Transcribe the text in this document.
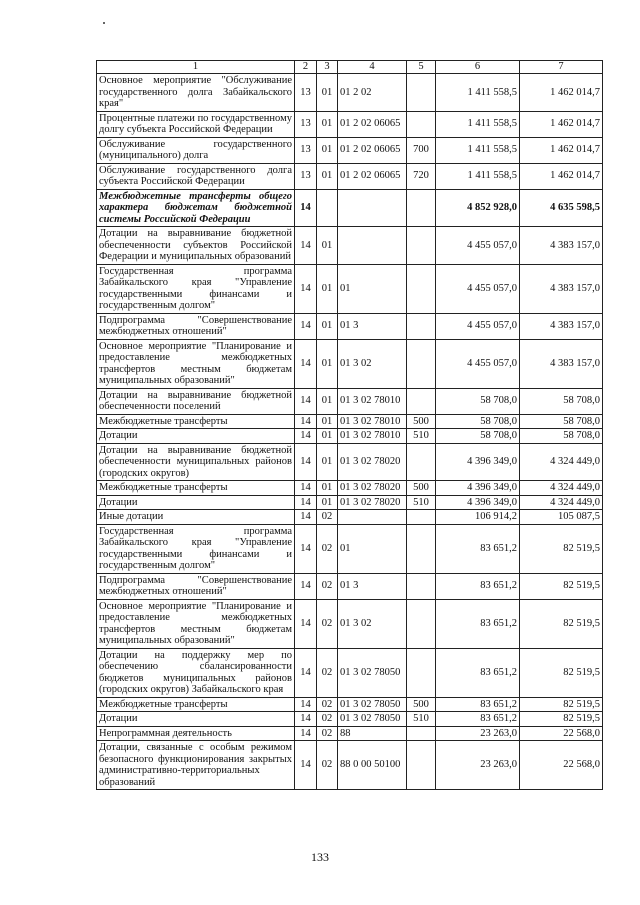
1	2	3	4	5	6	7
Основное мероприятие "Обслуживание государственного долга Забайкальского края"	13	01	01 2 02		1 411 558,5	1 462 014,7
Процентные платежи по государственному долгу субъекта Российской Федерации	13	01	01 2 02 06065		1 411 558,5	1 462 014,7
Обслуживание государственного (муниципального) долга	13	01	01 2 02 06065	700	1 411 558,5	1 462 014,7
Обслуживание государственного долга субъекта Российской Федерации	13	01	01 2 02 06065	720	1 411 558,5	1 462 014,7
Межбюджетные трансферты общего характера бюджетам бюджетной системы Российской Федерации	14				4 852 928,0	4 635 598,5
Дотации на выравнивание бюджетной обеспеченности субъектов Российской Федерации и муниципальных образований	14	01			4 455 057,0	4 383 157,0
Государственная программа Забайкальского края "Управление государственными финансами и государственным долгом"	14	01	01		4 455 057,0	4 383 157,0
Подпрограмма "Совершенствование межбюджетных отношений"	14	01	01 3		4 455 057,0	4 383 157,0
Основное мероприятие "Планирование и предоставление межбюджетных трансфертов местным бюджетам муниципальных образований"	14	01	01 3 02		4 455 057,0	4 383 157,0
Дотации на выравнивание бюджетной обеспеченности поселений	14	01	01 3 02 78010		58 708,0	58 708,0
Межбюджетные трансферты	14	01	01 3 02 78010	500	58 708,0	58 708,0
Дотации	14	01	01 3 02 78010	510	58 708,0	58 708,0
Дотации на выравнивание бюджетной обеспеченности муниципальных районов (городских округов)	14	01	01 3 02 78020		4 396 349,0	4 324 449,0
Межбюджетные трансферты	14	01	01 3 02 78020	500	4 396 349,0	4 324 449,0
Дотации	14	01	01 3 02 78020	510	4 396 349,0	4 324 449,0
Иные дотации	14	02			106 914,2	105 087,5
Государственная программа Забайкальского края "Управление государственными финансами и государственным долгом"	14	02	01		83 651,2	82 519,5
Подпрограмма "Совершенствование межбюджетных отношений"	14	02	01 3		83 651,2	82 519,5
Основное мероприятие "Планирование и предоставление межбюджетных трансфертов местным бюджетам муниципальных образований"	14	02	01 3 02		83 651,2	82 519,5
Дотации на поддержку мер по обеспечению сбалансированности бюджетов муниципальных районов (городских округов) Забайкальского края	14	02	01 3 02 78050		83 651,2	82 519,5
Межбюджетные трансферты	14	02	01 3 02 78050	500	83 651,2	82 519,5
Дотации	14	02	01 3 02 78050	510	83 651,2	82 519,5
Непрограммная деятельность	14	02	88		23 263,0	22 568,0
Дотации, связанные с особым режимом безопасного функционирования закрытых административно-территориальных образований	14	02	88 0 00 50100		23 263,0	22 568,0
133
